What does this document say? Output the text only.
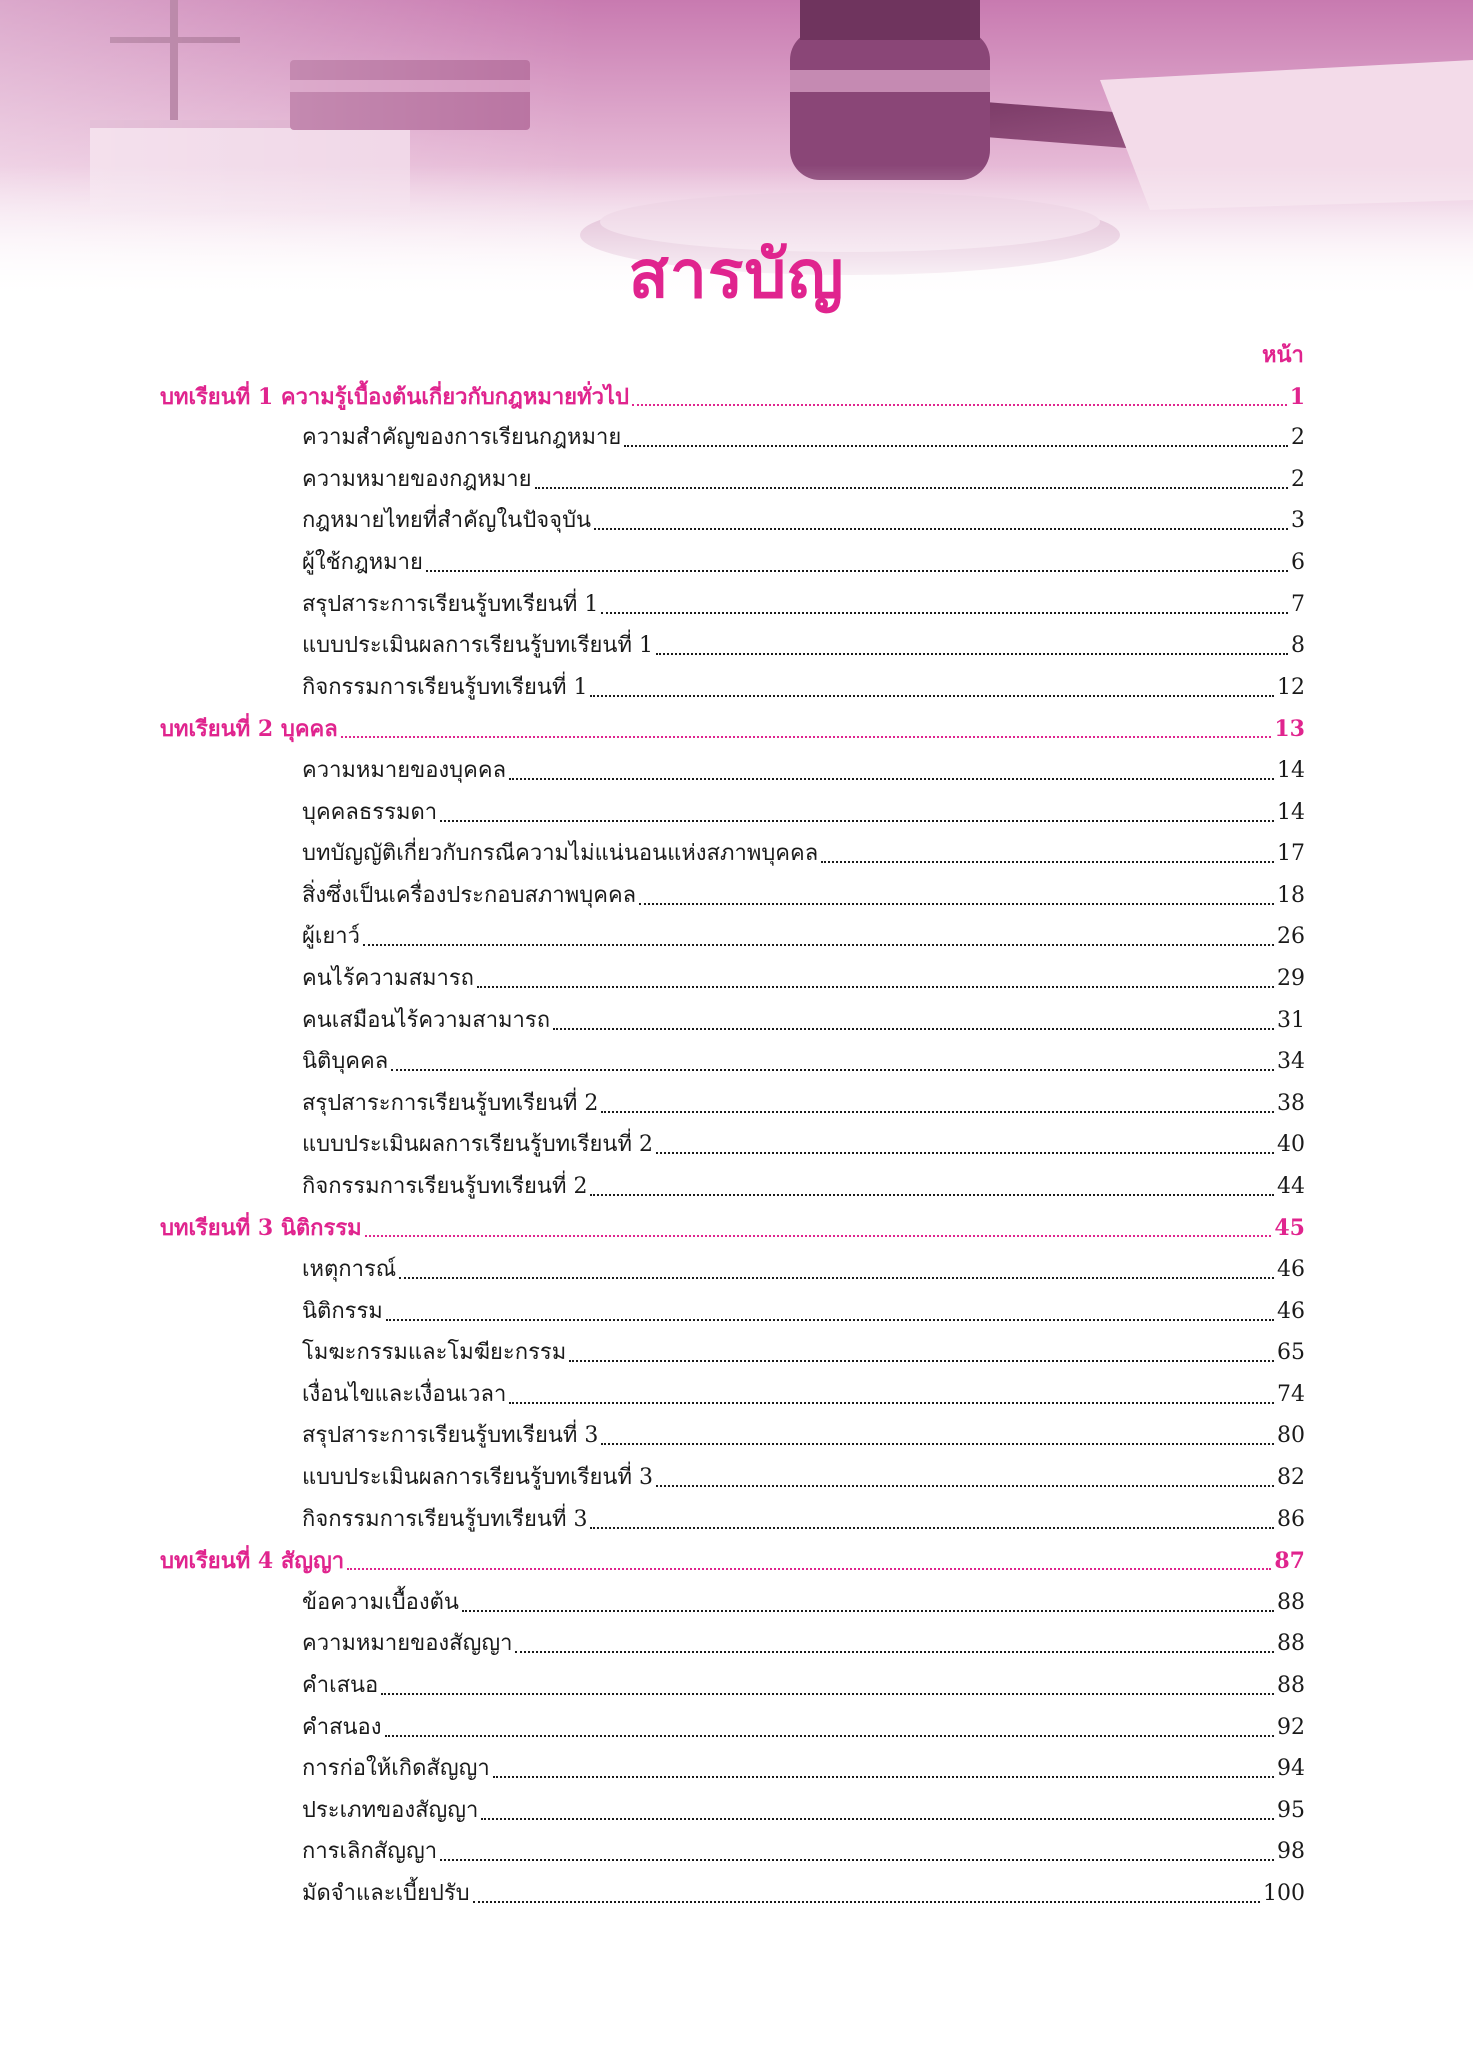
สารบัญ
หน้า
บทเรียนที่ 1 ความรู้เบื้องต้นเกี่ยวกับกฎหมายทั่วไป	1
ความสำคัญของการเรียนกฎหมาย	2
ความหมายของกฎหมาย	2
กฎหมายไทยที่สำคัญในปัจจุบัน	3
ผู้ใช้กฎหมาย	6
สรุปสาระการเรียนรู้บทเรียนที่ 1	7
แบบประเมินผลการเรียนรู้บทเรียนที่ 1	8
กิจกรรมการเรียนรู้บทเรียนที่ 1	12
บทเรียนที่ 2 บุคคล	13
ความหมายของบุคคล	14
บุคคลธรรมดา	14
บทบัญญัติเกี่ยวกับกรณีความไม่แน่นอนแห่งสภาพบุคคล	17
สิ่งซึ่งเป็นเครื่องประกอบสภาพบุคคล	18
ผู้เยาว์	26
คนไร้ความสมารถ	29
คนเสมือนไร้ความสามารถ	31
นิติบุคคล	34
สรุปสาระการเรียนรู้บทเรียนที่ 2	38
แบบประเมินผลการเรียนรู้บทเรียนที่ 2	40
กิจกรรมการเรียนรู้บทเรียนที่ 2	44
บทเรียนที่ 3 นิติกรรม	45
เหตุการณ์	46
นิติกรรม	46
โมฆะกรรมและโมฆียะกรรม	65
เงื่อนไขและเงื่อนเวลา	74
สรุปสาระการเรียนรู้บทเรียนที่ 3	80
แบบประเมินผลการเรียนรู้บทเรียนที่ 3	82
กิจกรรมการเรียนรู้บทเรียนที่ 3	86
บทเรียนที่ 4 สัญญา	87
ข้อความเบื้องต้น	88
ความหมายของสัญญา	88
คำเสนอ	88
คำสนอง	92
การก่อให้เกิดสัญญา	94
ประเภทของสัญญา	95
การเลิกสัญญา	98
มัดจำและเบี้ยปรับ	100
